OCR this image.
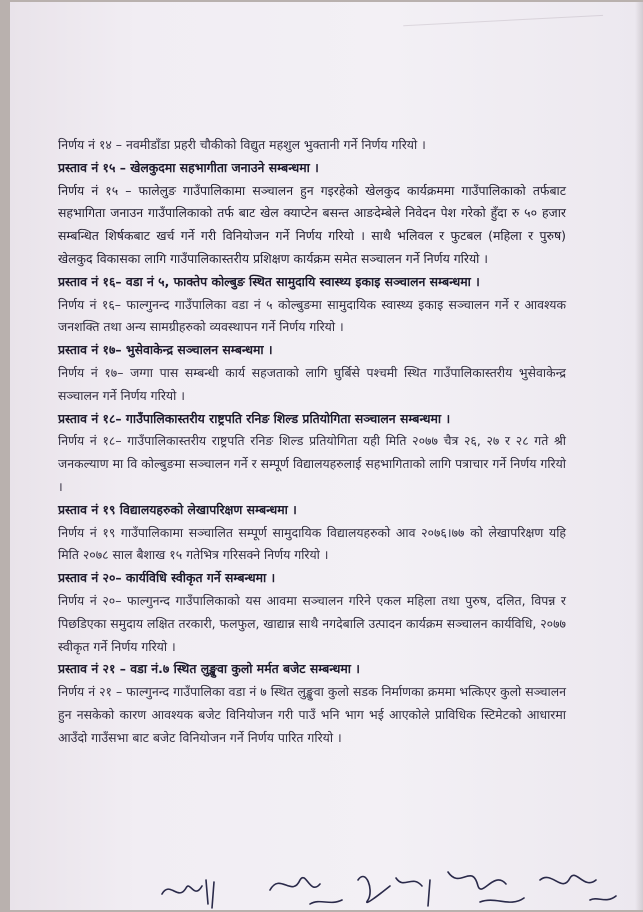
निर्णय नं १४ – नवमीडाँडा प्रहरी चौकीको विद्युत महशुल भुक्तानी गर्ने निर्णय गरियो ।

प्रस्ताव नं १५ – खेलकुदमा सहभागीता जनाउने सम्बन्धमा ।

निर्णय नं १५ – फालेलुङ गाउँपालिकामा सञ्चालन हुन गइरहेको खेलकुद कार्यक्रममा गाउँपालिकाको तर्फबाट सहभागिता जनाउन गाउँपालिकाको तर्फ बाट खेल क्याप्टेन बसन्त आङदेम्बेले निवेदन पेश गरेको हुँदा रु ५० हजार सम्बन्धित शिर्षकबाट खर्च गर्ने गरी विनियोजन गर्ने निर्णय गरियो । साथै भलिवल र फुटबल (महिला र पुरुष) खेलकुद विकासका लागि गाउँपालिकास्तरीय प्रशिक्षण कार्यक्रम समेत सञ्चालन गर्ने निर्णय गरियो ।

प्रस्ताव नं १६– वडा नं ५, फाक्तेप कोल्बुङ स्थित सामुदायि स्वास्थ्य इकाइ सञ्चालन सम्बन्धमा ।

निर्णय नं १६– फाल्गुनन्द गाउँपालिका वडा नं ५ कोल्बुङमा सामुदायिक स्वास्थ्य इकाइ सञ्चालन गर्ने र आवश्यक जनशक्ति तथा अन्य सामग्रीहरुको व्यवस्थापन गर्ने निर्णय गरियो ।

प्रस्ताव नं १७– भुसेवाकेन्द्र सञ्चालन सम्बन्धमा ।

निर्णय नं १७– जग्गा पास सम्बन्धी कार्य सहजताको लागि घुर्बिसे पश्चमी स्थित गाउँपालिकास्तरीय भुसेवाकेन्द्र सञ्चालन गर्ने निर्णय गरियो ।

प्रस्ताव नं १८– गाउँपालिकास्तरीय राष्ट्रपति रनिङ शिल्ड प्रतियोगिता सञ्चालन सम्बन्धमा ।

निर्णय नं १८– गाउँपालिकास्तरीय राष्ट्रपति रनिङ शिल्ड प्रतियोगिता यही मिति २०७७ चैत्र २६, २७ र २८ गते श्री जनकल्याण मा वि कोल्बुङमा सञ्चालन गर्ने र सम्पूर्ण विद्यालयहरुलाई सहभागिताको लागि पत्राचार गर्ने निर्णय गरियो ।

प्रस्ताव नं १९ विद्यालयहरुको लेखापरिक्षण सम्बन्धमा ।

निर्णय नं १९ गाउँपालिकामा सञ्चालित सम्पूर्ण सामुदायिक विद्यालयहरुको आव २०७६।७७ को लेखापरिक्षण यहि मिति २०७८ साल बैशाख १५ गतेभित्र गरिसक्ने निर्णय गरियो ।

प्रस्ताव नं २०– कार्यविधि स्वीकृत गर्ने सम्बन्धमा ।

निर्णय नं २०– फाल्गुनन्द गाउँपालिकाको यस आवमा सञ्चालन गरिने एकल महिला तथा पुरुष, दलित, विपन्न र पिछडिएका समुदाय लक्षित तरकारी, फलफुल, खाद्यान्न साथै नगदेबालि उत्पादन कार्यक्रम सञ्चालन कार्यविधि, २०७७ स्वीकृत गर्ने निर्णय गरियो ।

प्रस्ताव नं २१ – वडा नं.७ स्थित लुङ्खुवा कुलो मर्मत बजेट सम्बन्धमा ।

निर्णय नं २१ – फाल्गुनन्द गाउँपालिका वडा नं ७ स्थित लुङ्खुवा कुलो सडक निर्माणका क्रममा भत्किएर कुलो सञ्चालन हुन नसकेको कारण आवश्यक बजेट विनियोजन गरी पाउँ भनि भाग भई आएकोले प्राविधिक स्टिमेटको आधारमा आउँदो गाउँसभा बाट बजेट विनियोजन गर्ने निर्णय पारित गरियो ।
